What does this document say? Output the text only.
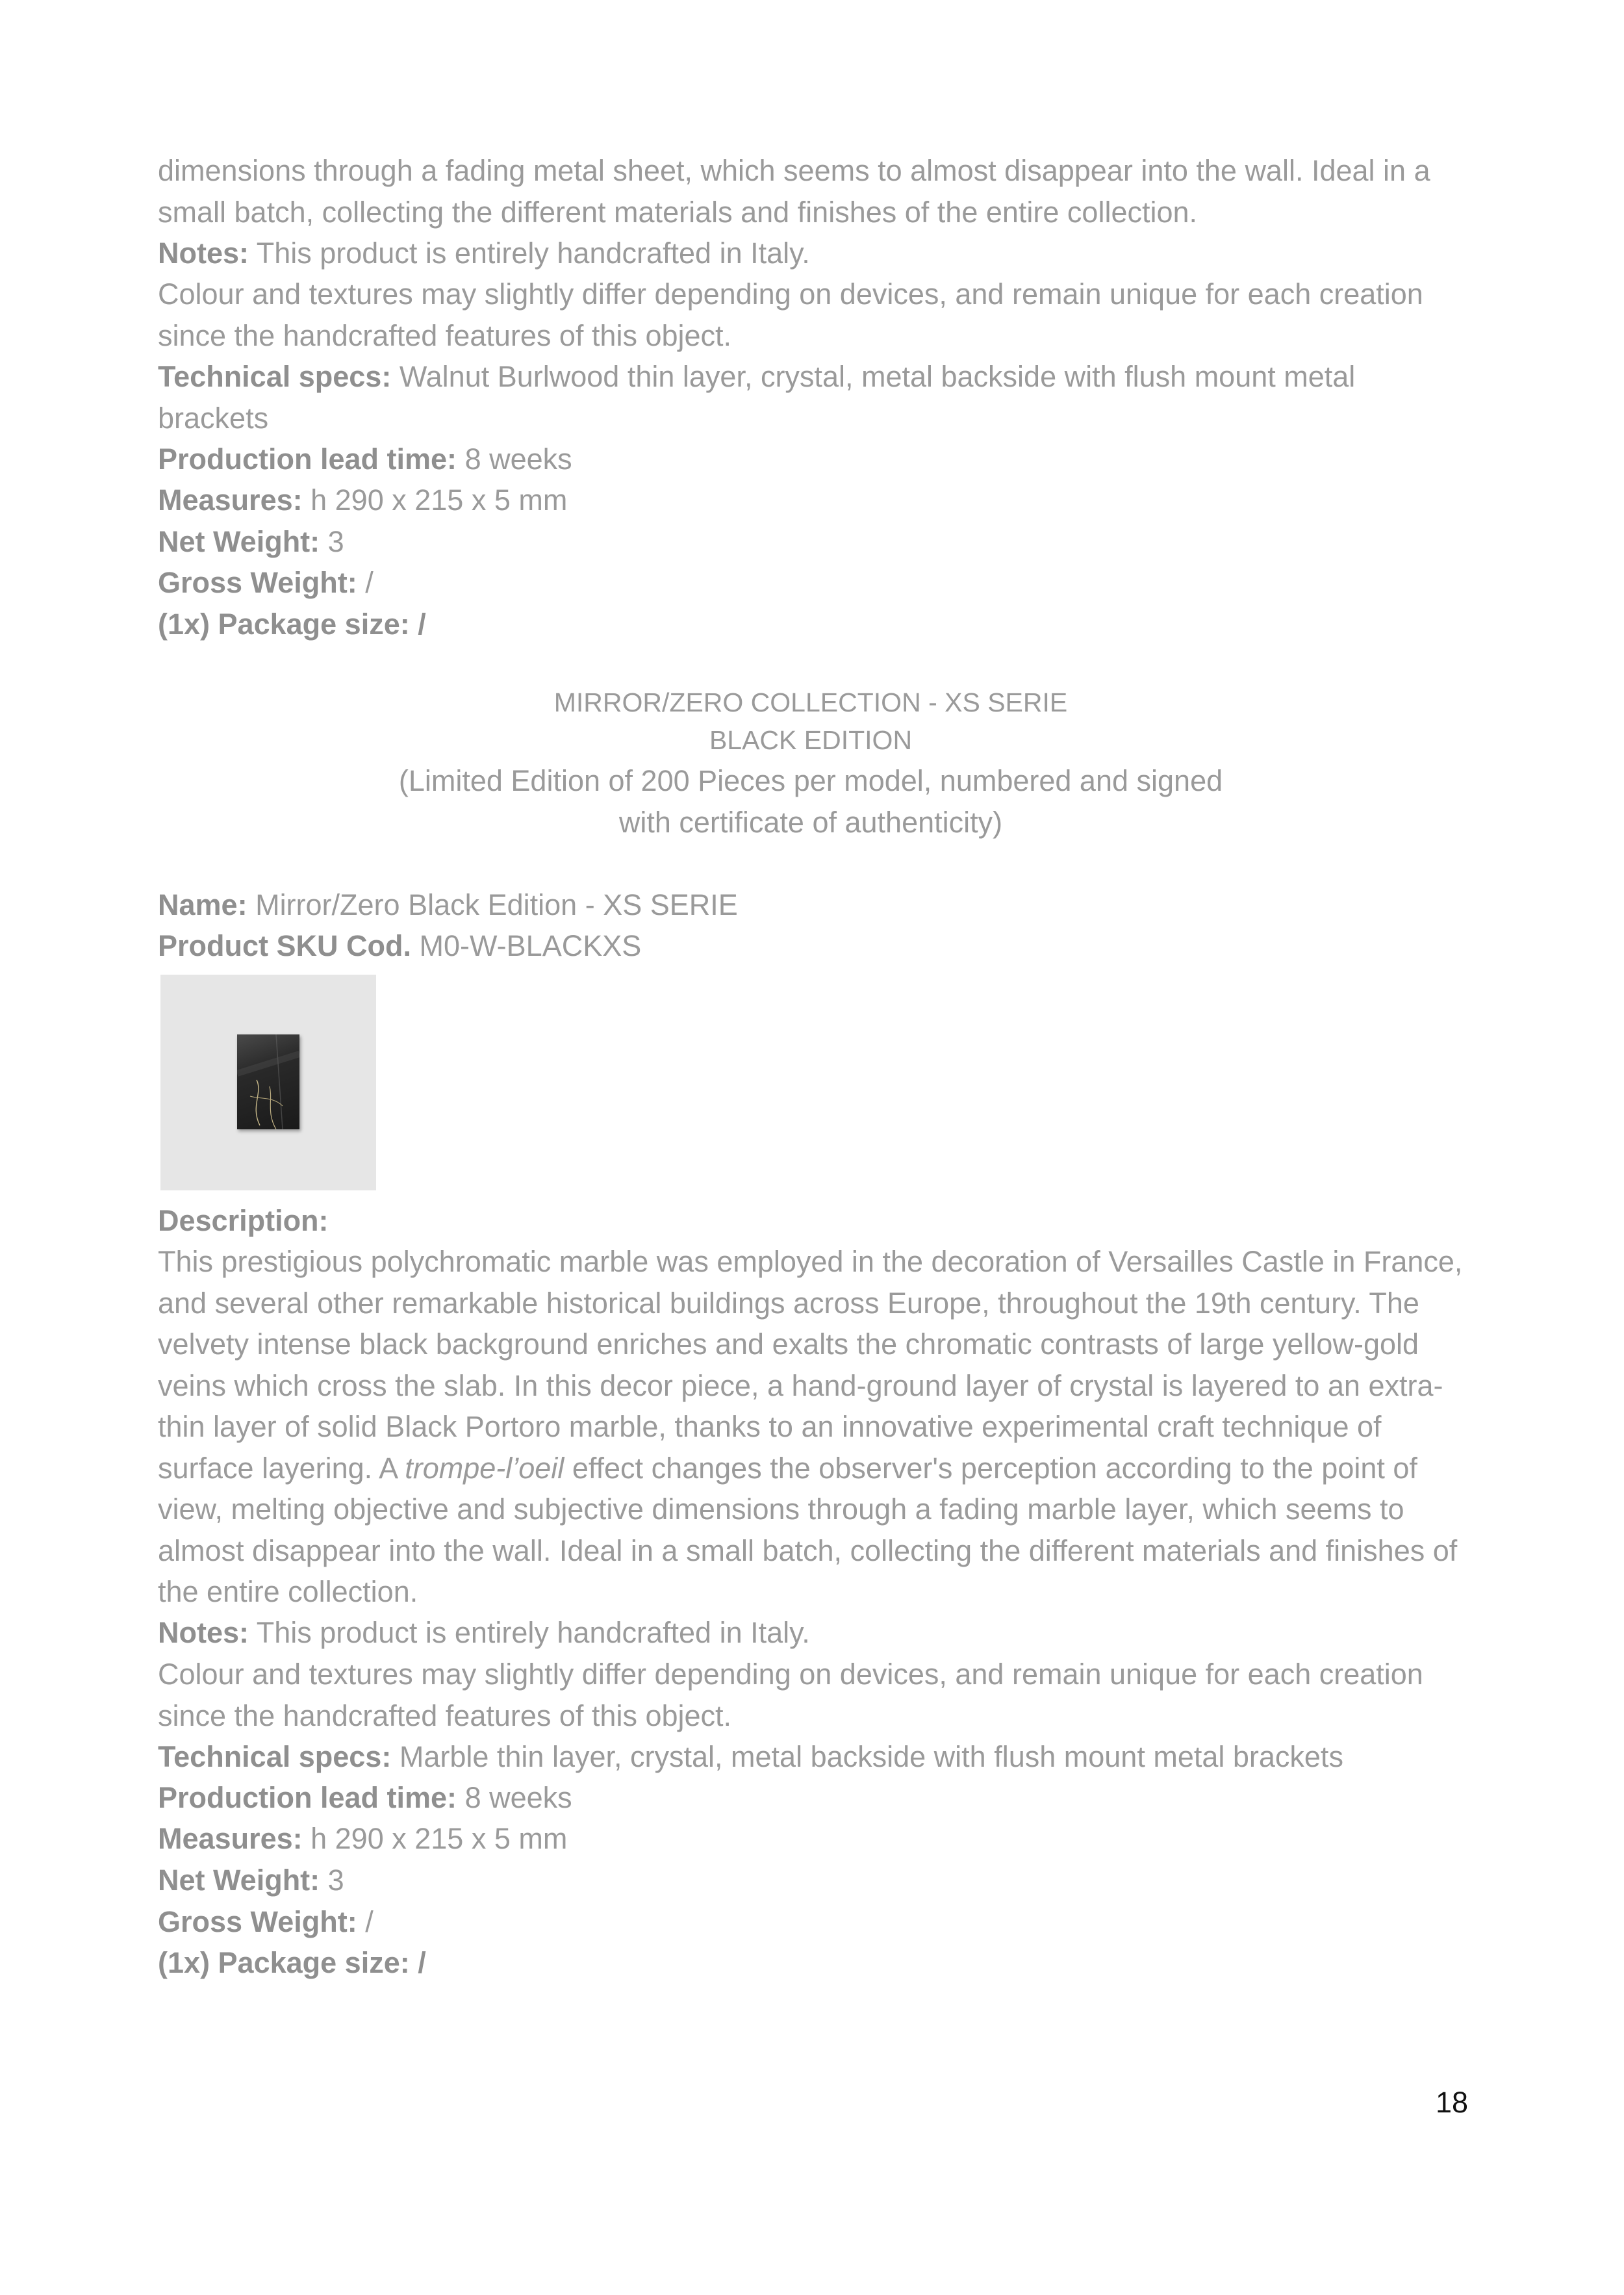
dimensions through a fading metal sheet, which seems to almost disappear into the wall. Ideal in a small batch, collecting the different materials and finishes of the entire collection.
Notes: This product is entirely handcrafted in Italy.
Colour and textures may slightly differ depending on devices, and remain unique for each creation since the handcrafted features of this object.
Technical specs: Walnut Burlwood thin layer, crystal, metal backside with flush mount metal brackets
Production lead time: 8 weeks
Measures: h 290 x 215 x 5 mm
Net Weight: 3
Gross Weight: /
(1x) Package size: /
MIRROR/ZERO COLLECTION - XS SERIE
BLACK EDITION
(Limited Edition of 200 Pieces per model, numbered and signed
with certificate of authenticity)
Name: Mirror/Zero Black Edition - XS SERIE
Product SKU Cod. M0-W-BLACKXS
Description:
This prestigious polychromatic marble was employed in the decoration of Versailles Castle in France, and several other remarkable historical buildings across Europe, throughout the 19th century. The velvety intense black background enriches and exalts the chromatic contrasts of large yellow-gold veins which cross the slab. In this decor piece, a hand-ground layer of crystal is layered to an extra-thin layer of solid Black Portoro marble, thanks to an innovative experimental craft technique of surface layering. A trompe-l’oeil effect changes the observer's perception according to the point of view, melting objective and subjective dimensions through a fading marble layer, which seems to almost disappear into the wall. Ideal in a small batch, collecting the different materials and finishes of the entire collection.
Notes: This product is entirely handcrafted in Italy.
Colour and textures may slightly differ depending on devices, and remain unique for each creation since the handcrafted features of this object.
Technical specs: Marble thin layer, crystal, metal backside with flush mount metal brackets
Production lead time: 8 weeks
Measures: h 290 x 215 x 5 mm
Net Weight: 3
Gross Weight: /
(1x) Package size: /
18
